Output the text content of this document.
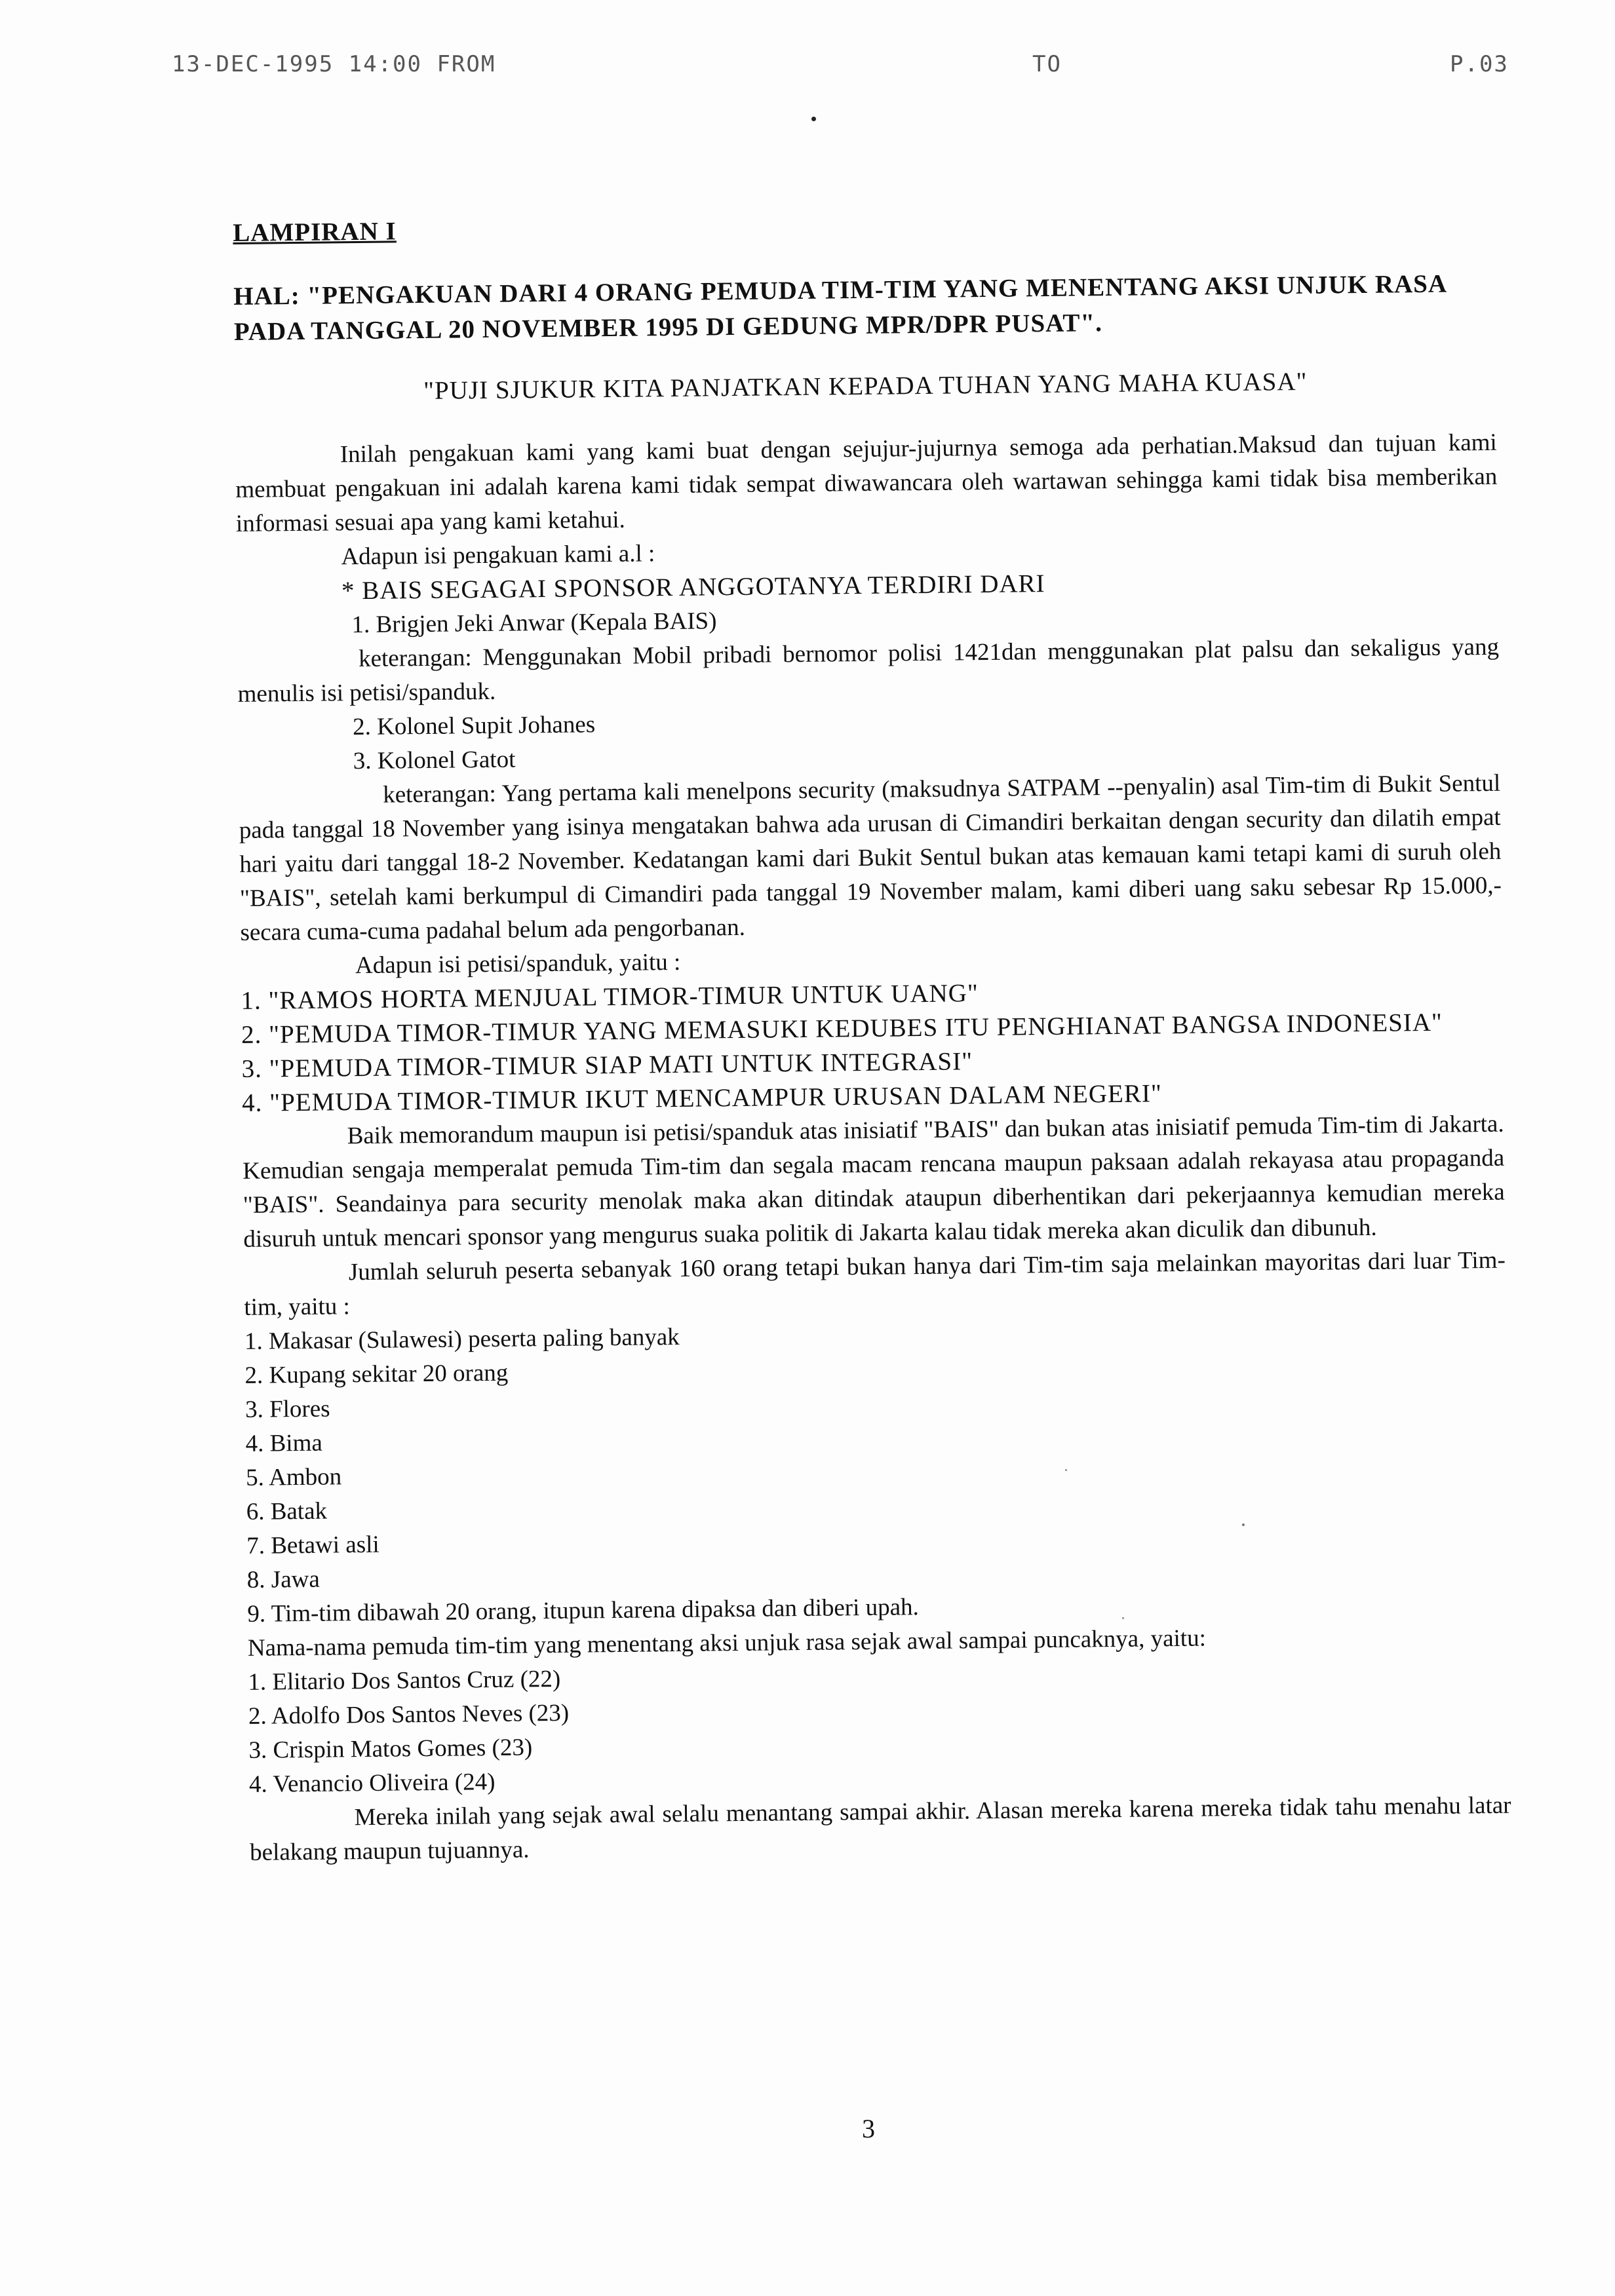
13-DEC-1995 14:00 FROM	TO	P.03
LAMPIRAN I
HAL: "PENGAKUAN DARI 4 ORANG PEMUDA TIM-TIM YANG MENENTANG AKSI UNJUK RASA PADA TANGGAL 20 NOVEMBER 1995 DI GEDUNG MPR/DPR PUSAT".
"PUJI SJUKUR KITA PANJATKAN KEPADA TUHAN YANG MAHA KUASA"

Inilah pengakuan kami yang kami buat dengan sejujur-jujurnya semoga ada perhatian.Maksud dan tujuan kami membuat pengakuan ini adalah karena kami tidak sempat diwawancara oleh wartawan sehingga kami tidak bisa memberikan informasi sesuai apa yang kami ketahui.

Adapun isi pengakuan kami a.l :
* BAIS SEGAGAI SPONSOR ANGGOTANYA TERDIRI DARI
1. Brigjen Jeki Anwar (Kepala BAIS)

keterangan: Menggunakan Mobil pribadi bernomor polisi 1421dan menggunakan plat palsu dan sekaligus yang menulis isi petisi/spanduk.

2. Kolonel Supit Johanes
3. Kolonel Gatot

keterangan: Yang pertama kali menelpons security (maksudnya SATPAM --penyalin) asal Tim-tim di Bukit Sentul pada tanggal 18 November yang isinya mengatakan bahwa ada urusan di Cimandiri berkaitan dengan security dan dilatih empat hari yaitu dari tanggal 18-2 November. Kedatangan kami dari Bukit Sentul bukan atas kemauan kami tetapi kami di suruh oleh "BAIS", setelah kami berkumpul di Cimandiri pada tanggal 19 November malam, kami diberi uang saku sebesar Rp 15.000,-secara cuma-cuma padahal belum ada pengorbanan.

Adapun isi petisi/spanduk, yaitu :
1. "RAMOS HORTA MENJUAL TIMOR-TIMUR UNTUK UANG"
2. "PEMUDA TIMOR-TIMUR YANG MEMASUKI KEDUBES ITU PENGHIANAT BANGSA INDONESIA"
3. "PEMUDA TIMOR-TIMUR SIAP MATI UNTUK INTEGRASI"
4. "PEMUDA TIMOR-TIMUR IKUT MENCAMPUR URUSAN DALAM NEGERI"

Baik memorandum maupun isi petisi/spanduk atas inisiatif "BAIS" dan bukan atas inisiatif pemuda Tim-tim di Jakarta. Kemudian sengaja memperalat pemuda Tim-tim dan segala macam rencana maupun paksaan adalah rekayasa atau propaganda "BAIS". Seandainya para security menolak maka akan ditindak ataupun diberhentikan dari pekerjaannya kemudian mereka disuruh untuk mencari sponsor yang mengurus suaka politik di Jakarta kalau tidak mereka akan diculik dan dibunuh.

Jumlah seluruh peserta sebanyak 160 orang tetapi bukan hanya dari Tim-tim saja melainkan mayoritas dari luar Tim-tim, yaitu :

1. Makasar (Sulawesi) peserta paling banyak
2. Kupang sekitar 20 orang
3. Flores
4. Bima
5. Ambon
6. Batak
7. Betawi asli
8. Jawa
9. Tim-tim dibawah 20 orang, itupun karena dipaksa dan diberi upah.
Nama-nama pemuda tim-tim yang menentang aksi unjuk rasa sejak awal sampai puncaknya, yaitu:
1. Elitario Dos Santos Cruz (22)
2. Adolfo Dos Santos Neves (23)
3. Crispin Matos Gomes (23)
4. Venancio Oliveira (24)

Mereka inilah yang sejak awal selalu menantang sampai akhir. Alasan mereka karena mereka tidak tahu menahu latar belakang maupun tujuannya.

3
